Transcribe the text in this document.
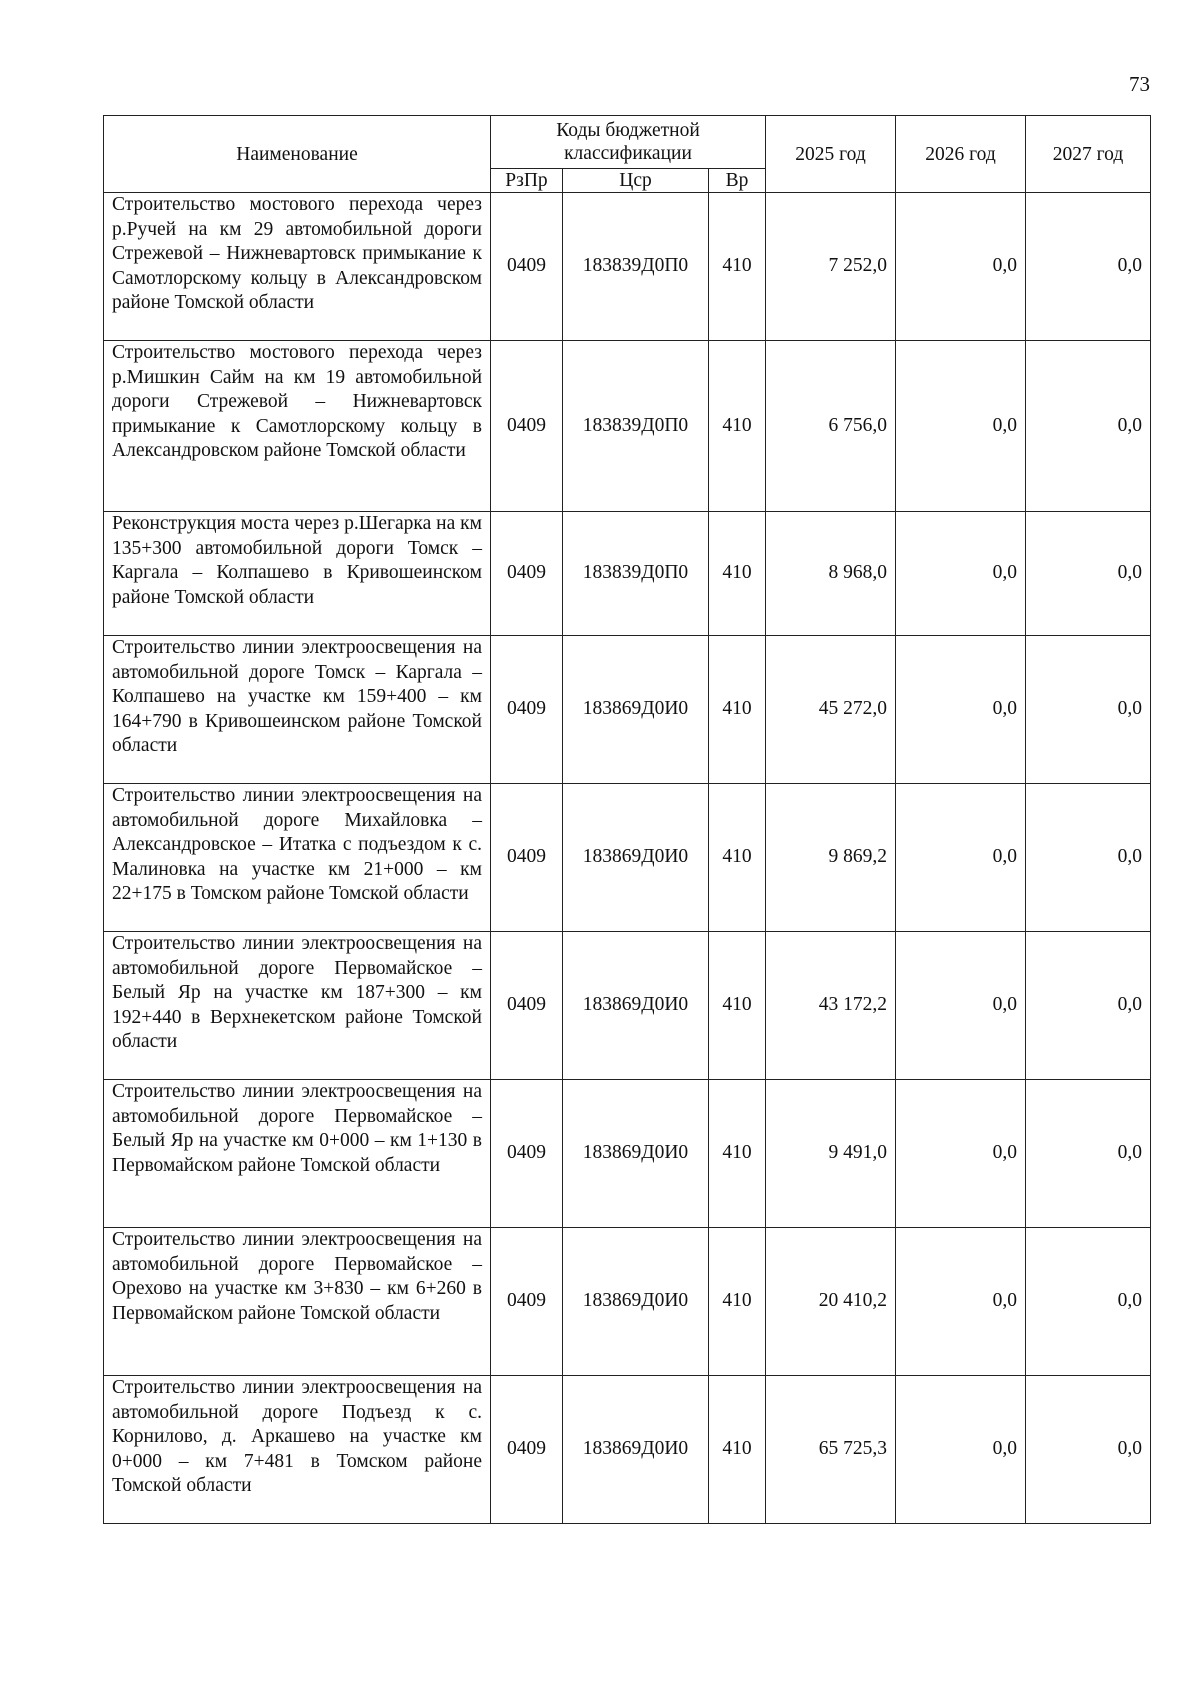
73
Наименование	Коды бюджетной классификации			2025 год	2026 год	2027 год
	РзПр	Цср	Вр			
Строительство мостового перехода через р.Ручей на км 29 автомобильной дороги Стрежевой – Нижневартовск примыкание к Самотлорскому кольцу в Александровском районе Томской области	0409	183839Д0П0	410	7 252,0	0,0	0,0
Строительство мостового перехода через р.Мишкин Сайм на км 19 автомобильной дороги Стрежевой – Нижневартовск примыкание к Самотлорскому кольцу в Александровском районе Томской области	0409	183839Д0П0	410	6 756,0	0,0	0,0
Реконструкция моста через р.Шегарка на км 135+300 автомобильной дороги Томск – Каргала – Колпашево в Кривошеинском районе Томской области	0409	183839Д0П0	410	8 968,0	0,0	0,0
Строительство линии электроосвещения на автомобильной дороге Томск – Каргала – Колпашево на участке км 159+400 – км 164+790 в Кривошеинском районе Томской области	0409	183869Д0И0	410	45 272,0	0,0	0,0
Строительство линии электроосвещения на автомобильной дороге Михайловка – Александровское – Итатка с подъездом к с. Малиновка на участке км 21+000 – км 22+175 в Томском районе Томской области	0409	183869Д0И0	410	9 869,2	0,0	0,0
Строительство линии электроосвещения на автомобильной дороге Первомайское – Белый Яр на участке км 187+300 – км 192+440 в Верхнекетском районе Томской области	0409	183869Д0И0	410	43 172,2	0,0	0,0
Строительство линии электроосвещения на автомобильной дороге Первомайское – Белый Яр на участке км 0+000 – км 1+130 в Первомайском районе Томской области	0409	183869Д0И0	410	9 491,0	0,0	0,0
Строительство линии электроосвещения на автомобильной дороге Первомайское – Орехово на участке км 3+830 – км 6+260 в Первомайском районе Томской области	0409	183869Д0И0	410	20 410,2	0,0	0,0
Строительство линии электроосвещения на автомобильной дороге Подъезд к с. Корнилово, д. Аркашево на участке км 0+000 – км 7+481 в Томском районе Томской области	0409	183869Д0И0	410	65 725,3	0,0	0,0
